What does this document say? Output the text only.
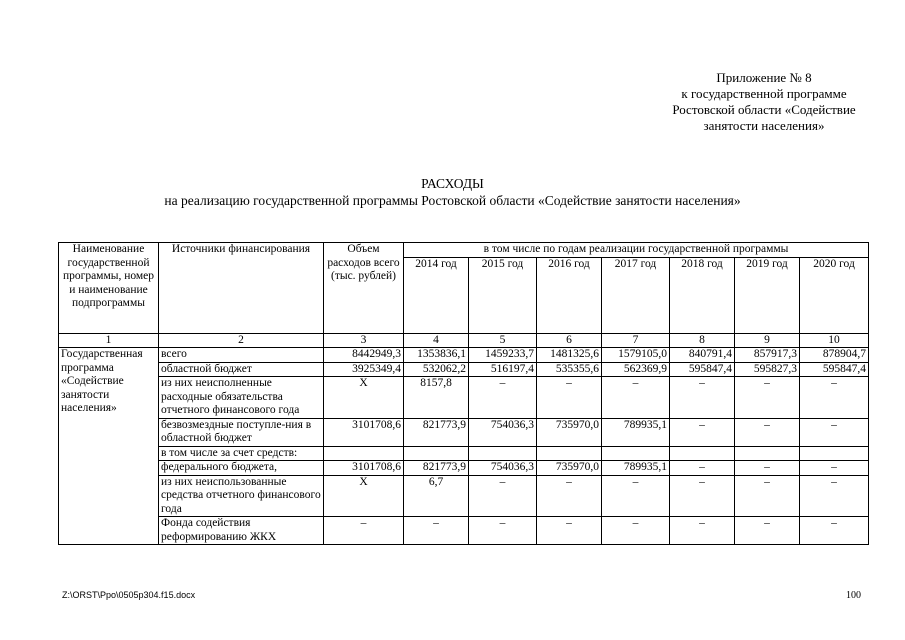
Приложение № 8
к государственной программе
Ростовской области «Содействие
занятости населения»
РАСХОДЫ
на реализацию государственной программы Ростовской области «Содействие занятости населения»
Наименование государственной программы, номер и наименование подпрограммы	Источники финансирования	Объем расходов всего (тыс. рублей)	в том числе по годам реализации государственной программы						
			2014 год	2015 год	2016 год	2017 год	2018 год	2019 год	2020 год
1	2	3	4	5	6	7	8	9	10
Государственная программа «Содействие занятости населения»	всего	8442949,3	1353836,1	1459233,7	1481325,6	1579105,0	840791,4	857917,3	878904,7
	областной бюджет	3925349,4	532062,2	516197,4	535355,6	562369,9	595847,4	595827,3	595847,4
	из них неисполненные расходные обязательства отчетного финансового года	X	8157,8	–	–	–	–	–	–
	безвозмездные поступле-ния в областной бюджет	3101708,6	821773,9	754036,3	735970,0	789935,1	–	–	–
	в том числе за счет средств:								
	федерального бюджета,	3101708,6	821773,9	754036,3	735970,0	789935,1	–	–	–
	из них неиспользованные средства отчетного финансового года	X	6,7	–	–	–	–	–	–
	Фонда содействия реформированию ЖКХ	–	–	–	–	–	–	–	–
Z:\ORST\Ppo\0505p304.f15.docx	100
